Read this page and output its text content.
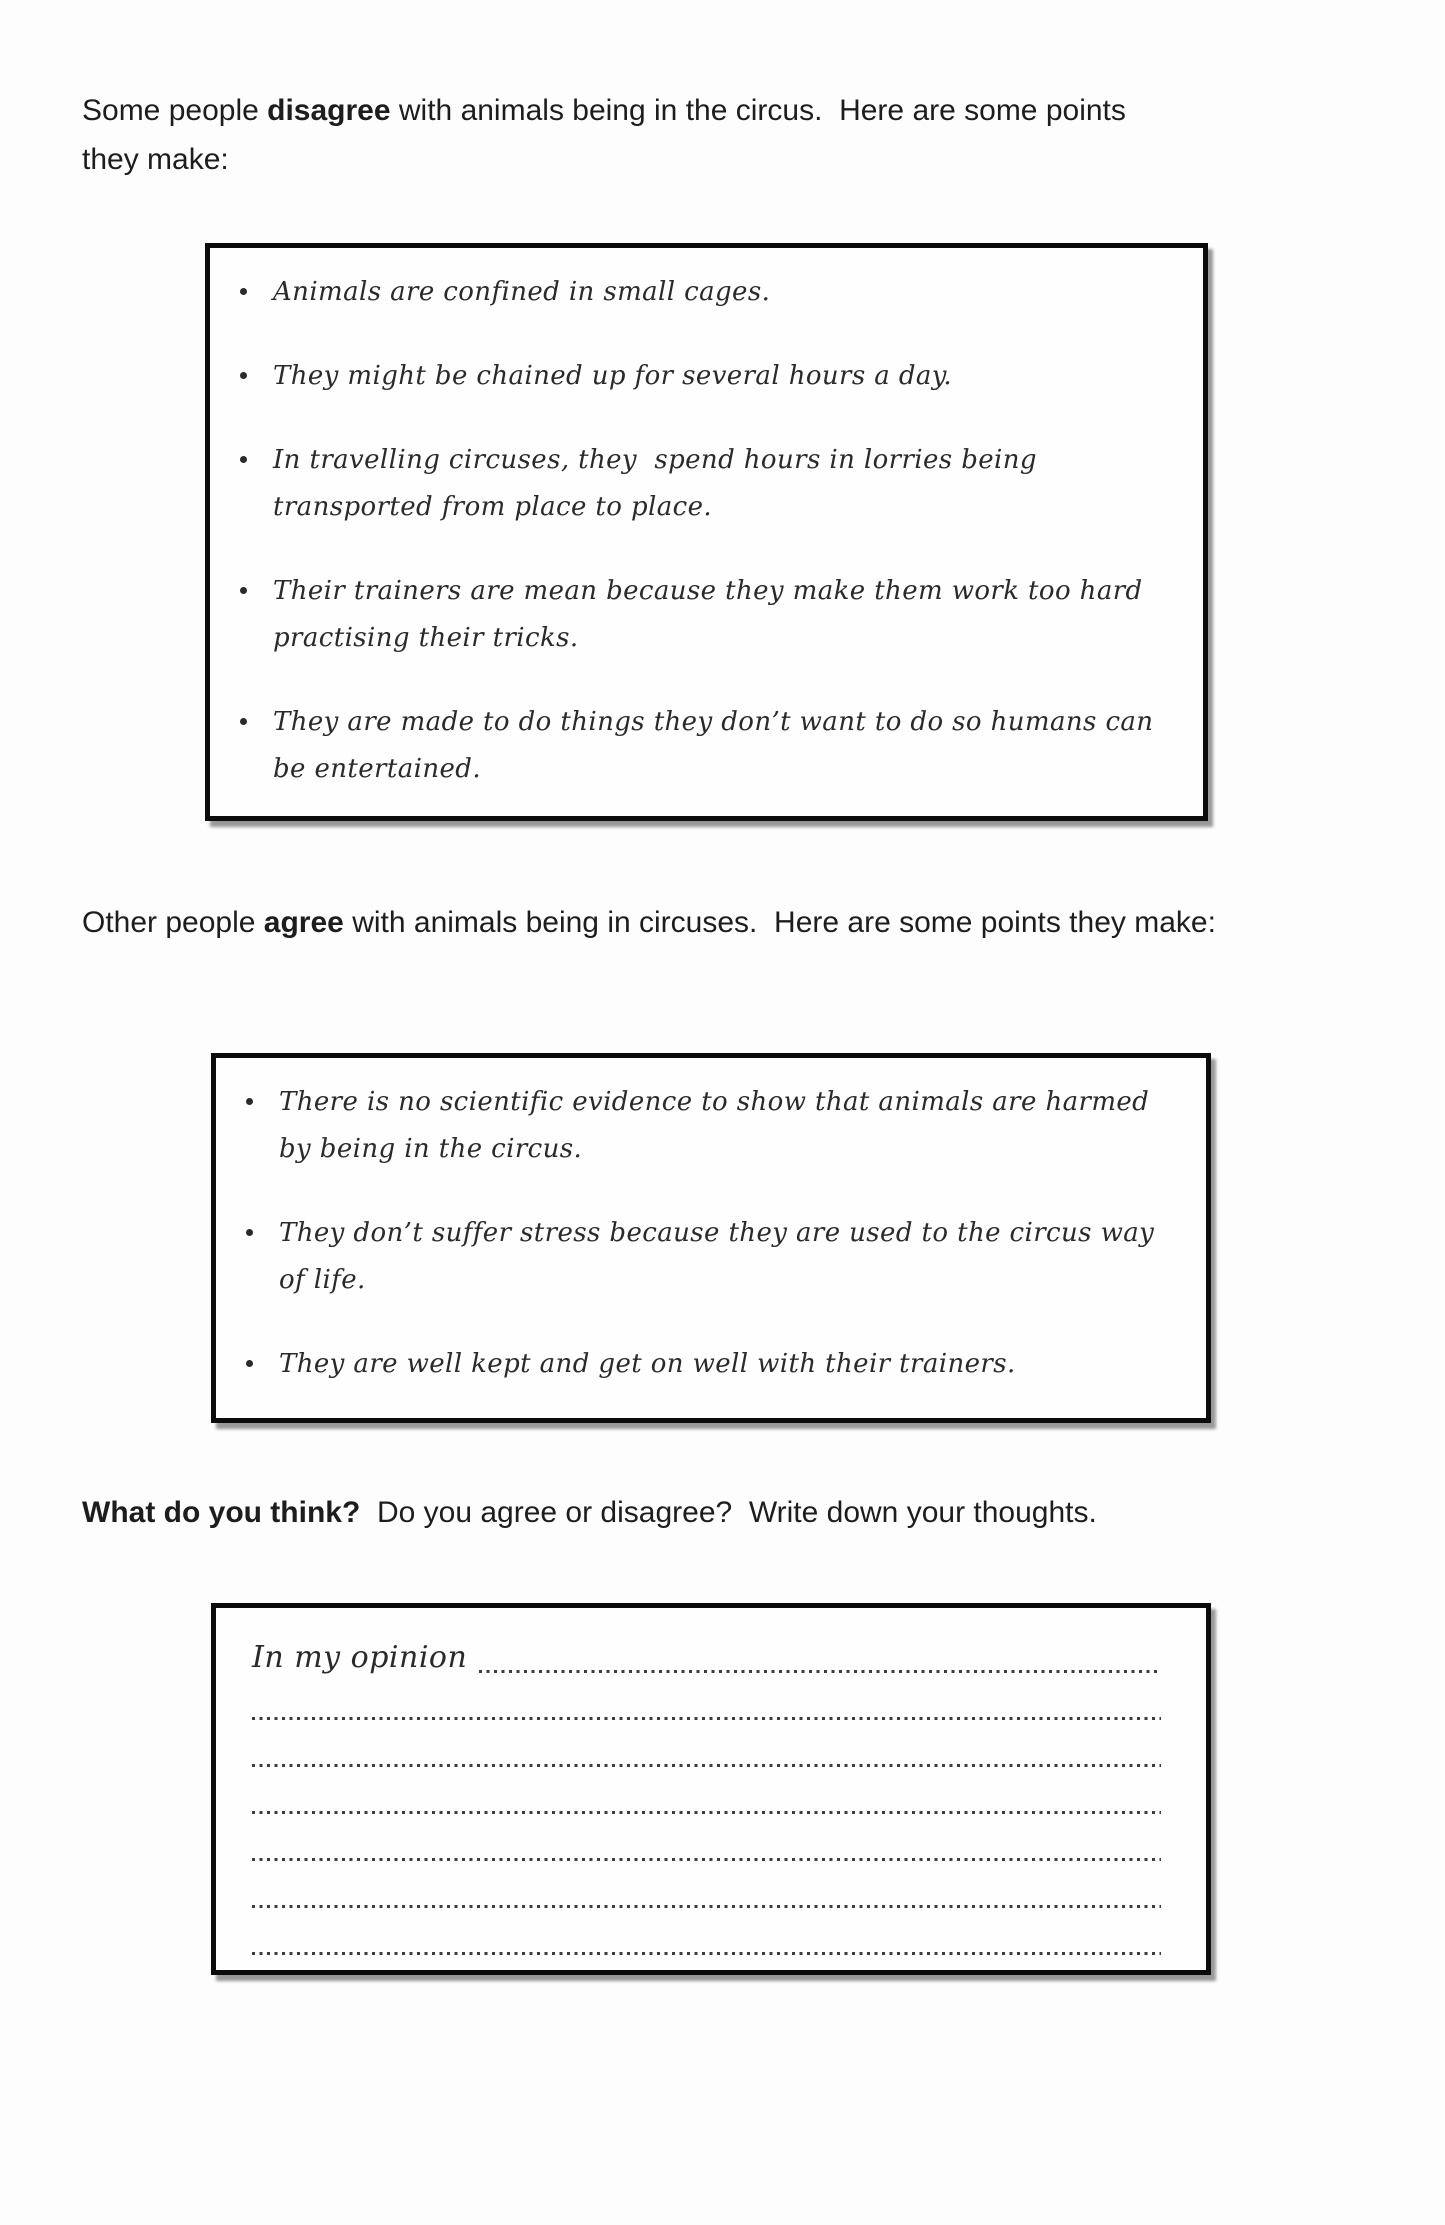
Some people disagree with animals being in the circus.  Here are some points they make:

Animals are confined in small cages.
They might be chained up for several hours a day.
In travelling circuses, they  spend hours in lorries being transported from place to place.
Their trainers are mean because they make them work too hard practising their tricks.
They are made to do things they don’t want to do so humans can be entertained.

Other people agree with animals being in circuses.  Here are some points they make:

There is no scientific evidence to show that animals are harmed by being in the circus.
They don’t suffer stress because they are used to the circus way of life.
They are well kept and get on well with their trainers.

What do you think?  Do you agree or disagree?  Write down your thoughts.

In my opinion
